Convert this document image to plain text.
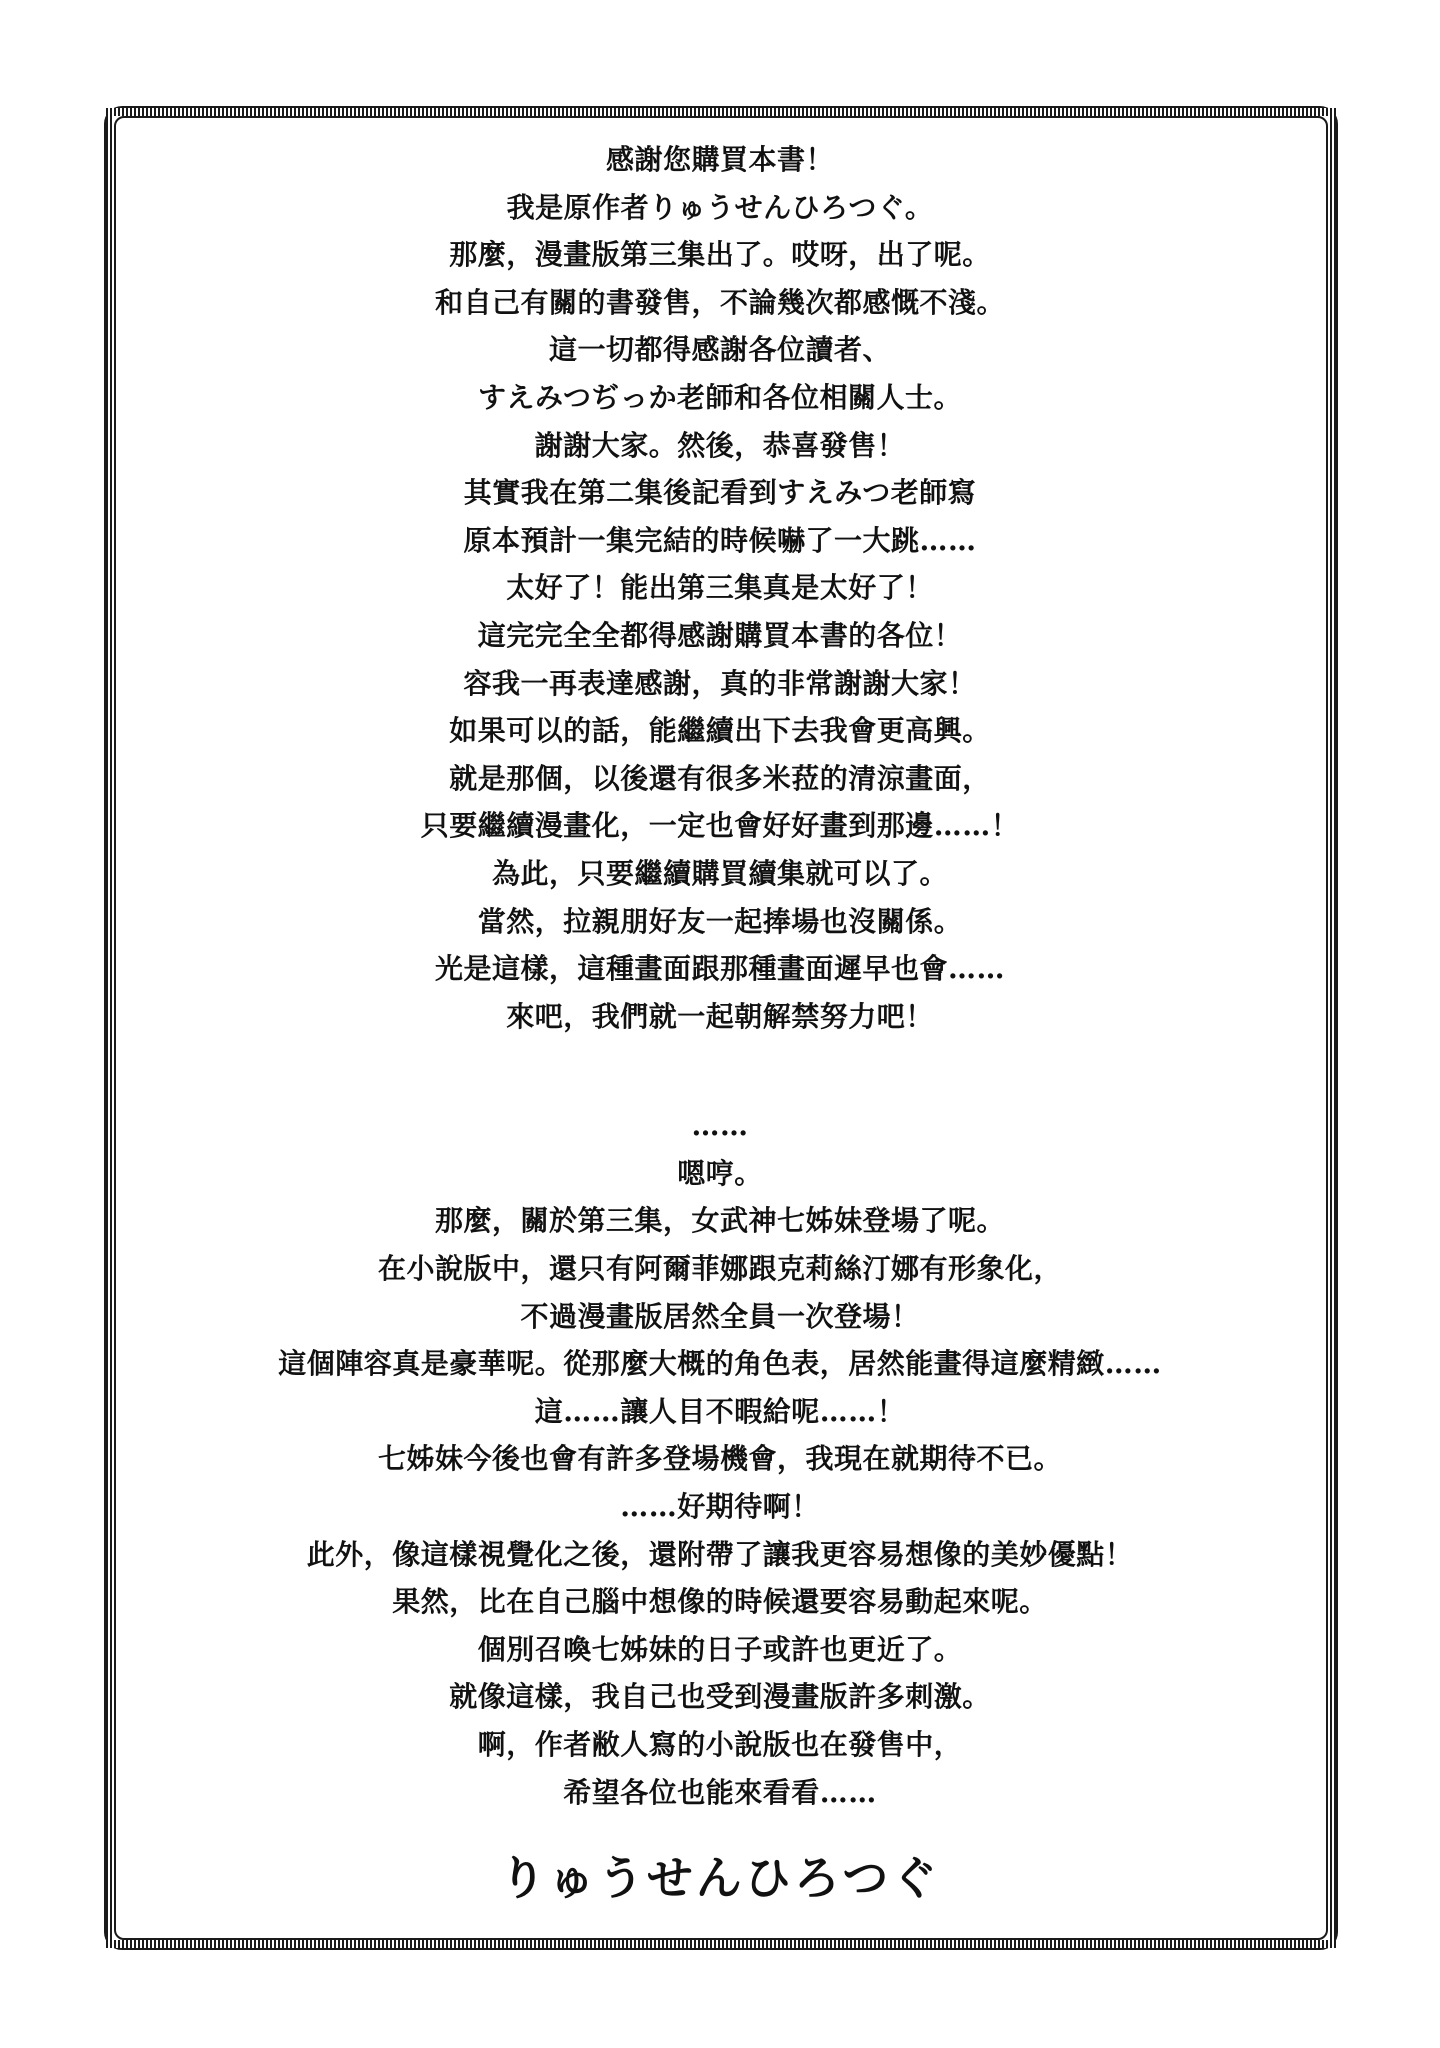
感謝您購買本書！
我是原作者りゅうせんひろつぐ。
那麼，漫畫版第三集出了。哎呀，出了呢。
和自己有關的書發售，不論幾次都感慨不淺。
這一切都得感謝各位讀者、
すえみつぢっか老師和各位相關人士。
謝謝大家。然後，恭喜發售！
其實我在第二集後記看到すえみつ老師寫
原本預計一集完結的時候嚇了一大跳……
太好了！能出第三集真是太好了！
這完完全全都得感謝購買本書的各位！
容我一再表達感謝，真的非常謝謝大家！
如果可以的話，能繼續出下去我會更高興。
就是那個，以後還有很多米菈的清涼畫面，
只要繼續漫畫化，一定也會好好畫到那邊……！
為此，只要繼續購買續集就可以了。
當然，拉親朋好友一起捧場也沒關係。
光是這樣，這種畫面跟那種畫面遲早也會……
來吧，我們就一起朝解禁努力吧！
……
嗯哼。
那麼，關於第三集，女武神七姊妹登場了呢。
在小說版中，還只有阿爾菲娜跟克莉絲汀娜有形象化，
不過漫畫版居然全員一次登場！
這個陣容真是豪華呢。從那麼大概的角色表，居然能畫得這麼精緻……
這……讓人目不暇給呢……！
七姊妹今後也會有許多登場機會，我現在就期待不已。
……好期待啊！
此外，像這樣視覺化之後，還附帶了讓我更容易想像的美妙優點！
果然，比在自己腦中想像的時候還要容易動起來呢。
個別召喚七姊妹的日子或許也更近了。
就像這樣，我自己也受到漫畫版許多刺激。
啊，作者敝人寫的小說版也在發售中，
希望各位也能來看看……
りゅうせんひろつぐ
